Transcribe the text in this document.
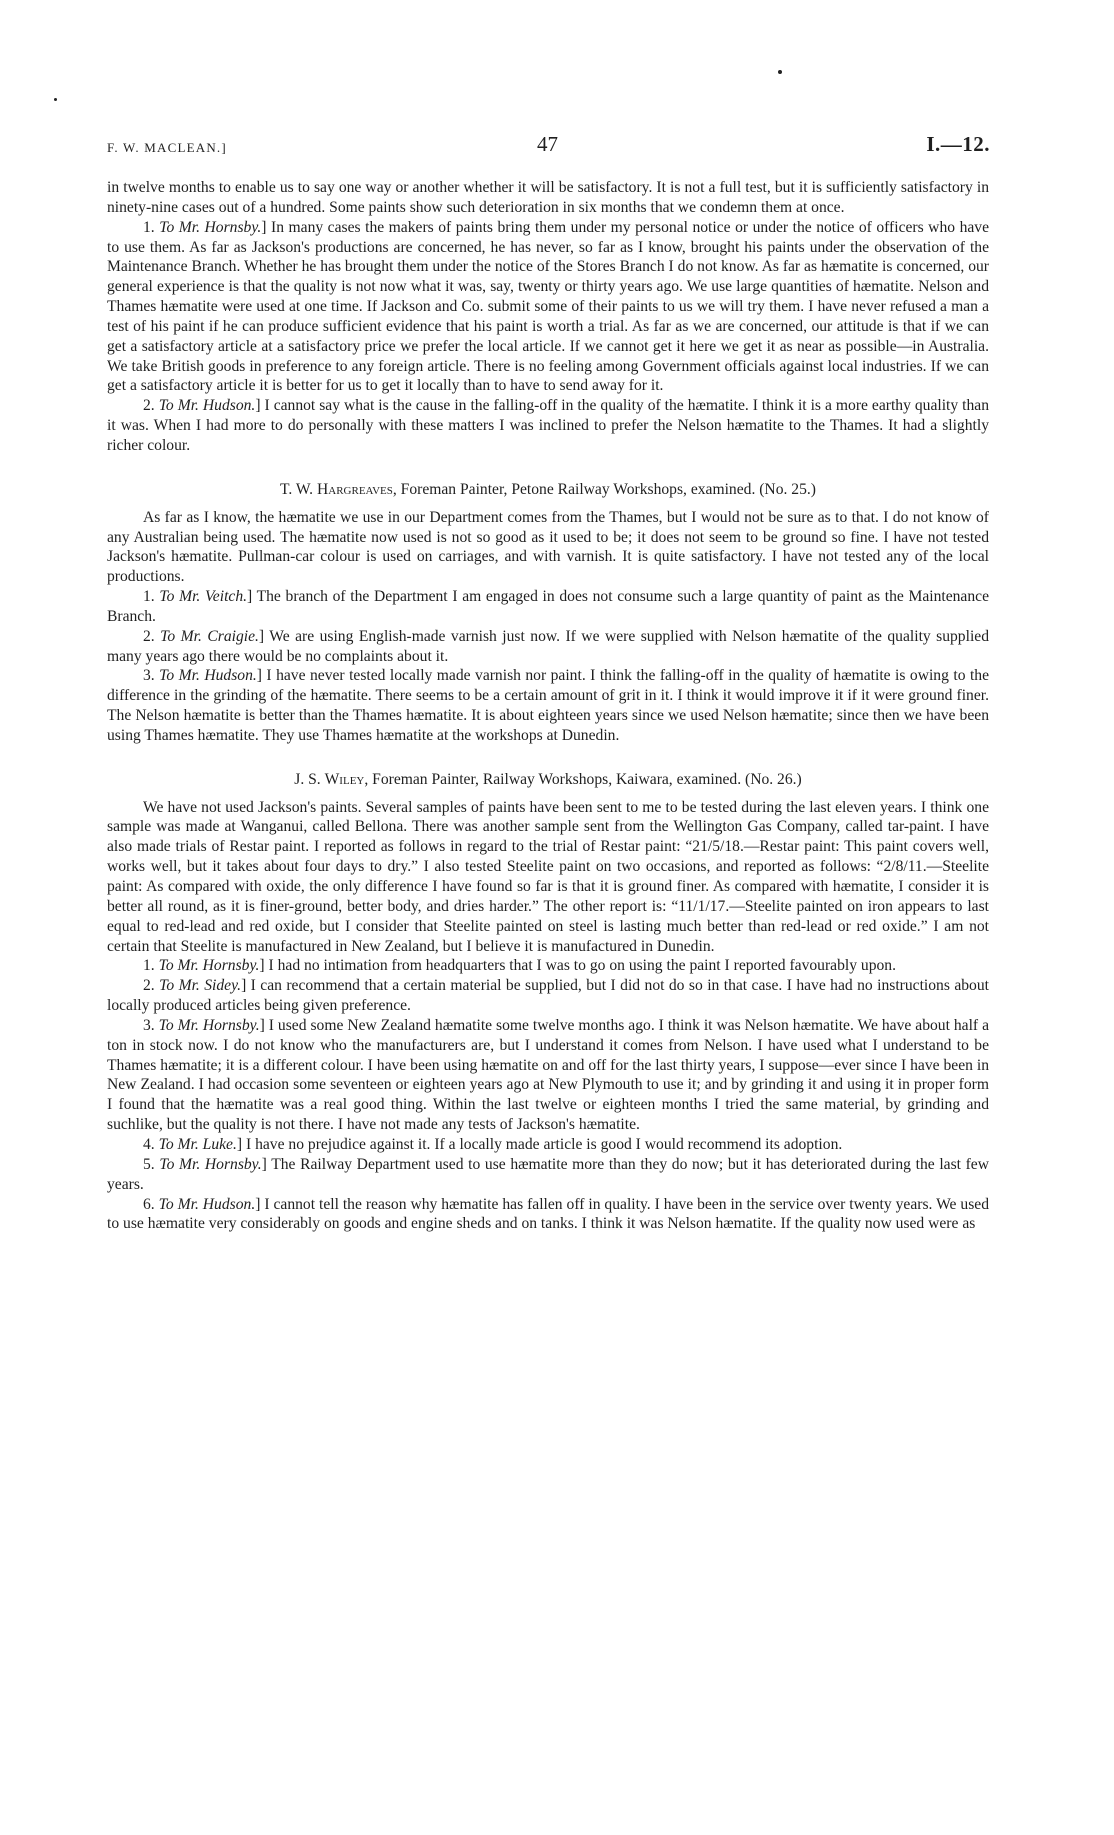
F. W. MACLEAN.]	47	I.—12.

in twelve months to enable us to say one way or another whether it will be satisfactory. It is not a full test, but it is sufficiently satisfactory in ninety-nine cases out of a hundred. Some paints show such deterioration in six months that we condemn them at once.

1. To Mr. Hornsby.] In many cases the makers of paints bring them under my personal notice or under the notice of officers who have to use them. As far as Jackson's productions are concerned, he has never, so far as I know, brought his paints under the observation of the Maintenance Branch. Whether he has brought them under the notice of the Stores Branch I do not know. As far as hæmatite is concerned, our general experience is that the quality is not now what it was, say, twenty or thirty years ago. We use large quantities of hæmatite. Nelson and Thames hæmatite were used at one time. If Jackson and Co. submit some of their paints to us we will try them. I have never refused a man a test of his paint if he can produce sufficient evidence that his paint is worth a trial. As far as we are concerned, our attitude is that if we can get a satisfactory article at a satisfactory price we prefer the local article. If we cannot get it here we get it as near as possible—in Australia. We take British goods in preference to any foreign article. There is no feeling among Government officials against local industries. If we can get a satisfactory article it is better for us to get it locally than to have to send away for it.

2. To Mr. Hudson.] I cannot say what is the cause in the falling-off in the quality of the hæmatite. I think it is a more earthy quality than it was. When I had more to do personally with these matters I was inclined to prefer the Nelson hæmatite to the Thames. It had a slightly richer colour.

T. W. Hargreaves, Foreman Painter, Petone Railway Workshops, examined. (No. 25.)

As far as I know, the hæmatite we use in our Department comes from the Thames, but I would not be sure as to that. I do not know of any Australian being used. The hæmatite now used is not so good as it used to be; it does not seem to be ground so fine. I have not tested Jackson's hæmatite. Pullman-car colour is used on carriages, and with varnish. It is quite satisfactory. I have not tested any of the local productions.

1. To Mr. Veitch.] The branch of the Department I am engaged in does not consume such a large quantity of paint as the Maintenance Branch.

2. To Mr. Craigie.] We are using English-made varnish just now. If we were supplied with Nelson hæmatite of the quality supplied many years ago there would be no complaints about it.

3. To Mr. Hudson.] I have never tested locally made varnish nor paint. I think the falling-off in the quality of hæmatite is owing to the difference in the grinding of the hæmatite. There seems to be a certain amount of grit in it. I think it would improve it if it were ground finer. The Nelson hæmatite is better than the Thames hæmatite. It is about eighteen years since we used Nelson hæmatite; since then we have been using Thames hæmatite. They use Thames hæmatite at the workshops at Dunedin.

J. S. Wiley, Foreman Painter, Railway Workshops, Kaiwara, examined. (No. 26.)

We have not used Jackson's paints. Several samples of paints have been sent to me to be tested during the last eleven years. I think one sample was made at Wanganui, called Bellona. There was another sample sent from the Wellington Gas Company, called tar-paint. I have also made trials of Restar paint. I reported as follows in regard to the trial of Restar paint: “21/5/18.—Restar paint: This paint covers well, works well, but it takes about four days to dry.” I also tested Steelite paint on two occasions, and reported as follows: “2/8/11.—Steelite paint: As compared with oxide, the only difference I have found so far is that it is ground finer. As compared with hæmatite, I consider it is better all round, as it is finer-ground, better body, and dries harder.” The other report is: “11/1/17.—Steelite painted on iron appears to last equal to red-lead and red oxide, but I consider that Steelite painted on steel is lasting much better than red-lead or red oxide.” I am not certain that Steelite is manufactured in New Zealand, but I believe it is manufactured in Dunedin.

1. To Mr. Hornsby.] I had no intimation from headquarters that I was to go on using the paint I reported favourably upon.

2. To Mr. Sidey.] I can recommend that a certain material be supplied, but I did not do so in that case. I have had no instructions about locally produced articles being given preference.

3. To Mr. Hornsby.] I used some New Zealand hæmatite some twelve months ago. I think it was Nelson hæmatite. We have about half a ton in stock now. I do not know who the manufacturers are, but I understand it comes from Nelson. I have used what I understand to be Thames hæmatite; it is a different colour. I have been using hæmatite on and off for the last thirty years, I suppose—ever since I have been in New Zealand. I had occasion some seventeen or eighteen years ago at New Plymouth to use it; and by grinding it and using it in proper form I found that the hæmatite was a real good thing. Within the last twelve or eighteen months I tried the same material, by grinding and suchlike, but the quality is not there. I have not made any tests of Jackson's hæmatite.

4. To Mr. Luke.] I have no prejudice against it. If a locally made article is good I would recommend its adoption.

5. To Mr. Hornsby.] The Railway Department used to use hæmatite more than they do now; but it has deteriorated during the last few years.

6. To Mr. Hudson.] I cannot tell the reason why hæmatite has fallen off in quality. I have been in the service over twenty years. We used to use hæmatite very considerably on goods and engine sheds and on tanks. I think it was Nelson hæmatite. If the quality now used were as
